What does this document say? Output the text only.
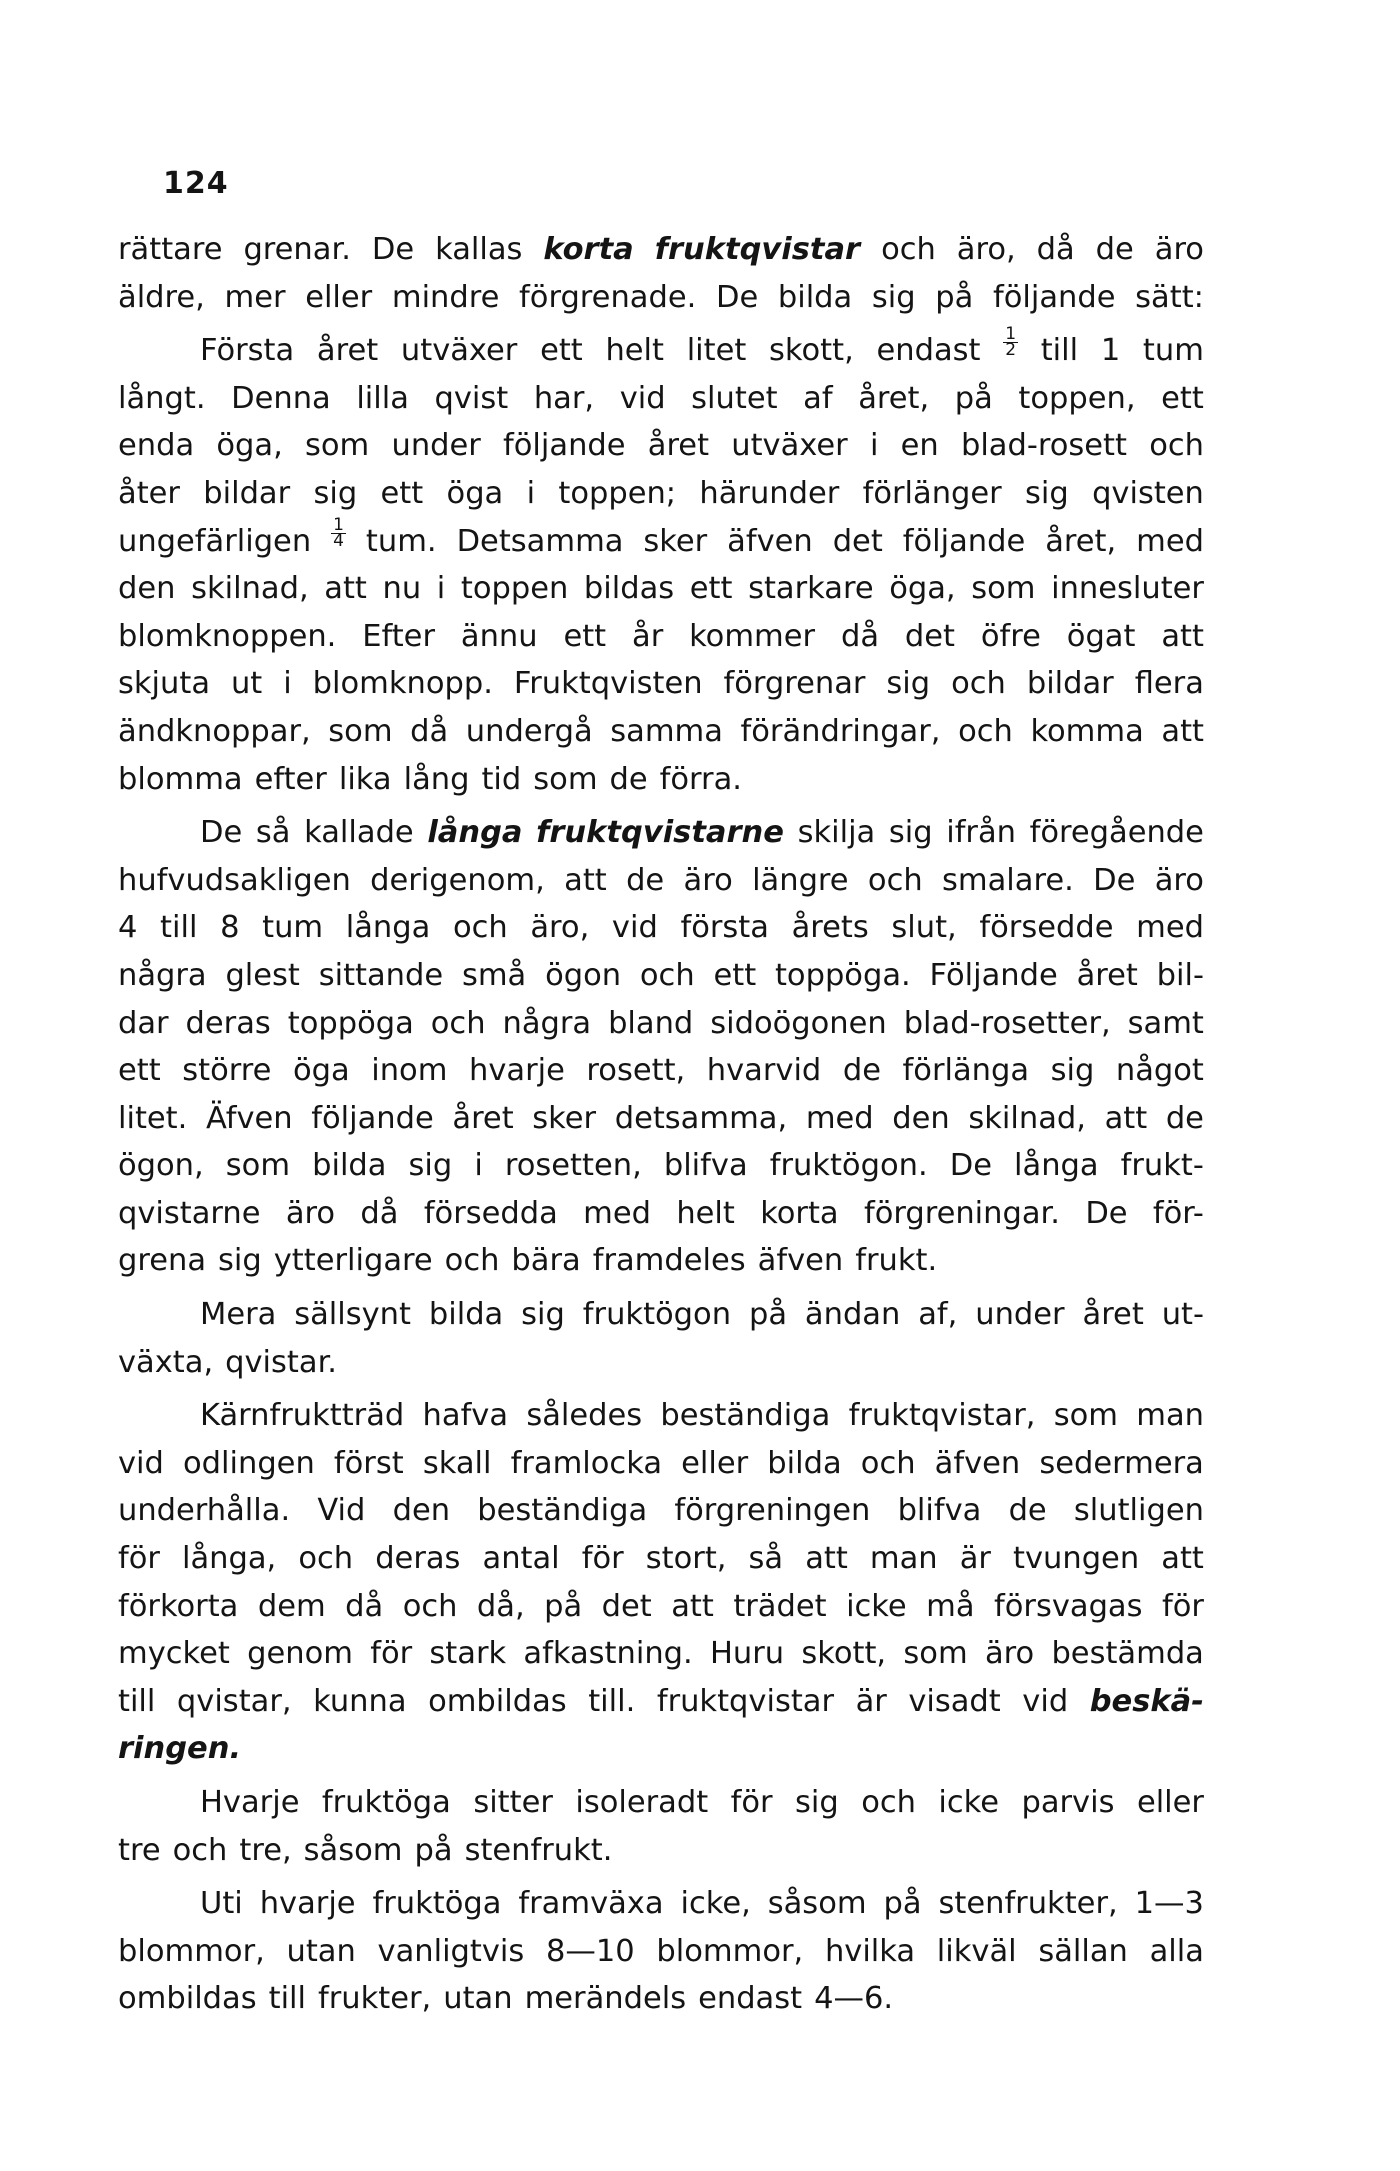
124
rättare grenar. De kallas korta fruktqvistar och äro, då de äro
äldre, mer eller mindre förgrenade. De bilda sig på följande sätt:
Första året utväxer ett helt litet skott, endast $\frac{1}{2}$ till 1 tum
långt. Denna lilla qvist har, vid slutet af året, på toppen, ett
enda öga, som under följande året utväxer i en blad-rosett och
åter bildar sig ett öga i toppen; härunder förlänger sig qvisten
ungefärligen $\frac{1}{4}$ tum. Detsamma sker äfven det följande året, med
den skilnad, att nu i toppen bildas ett starkare öga, som innesluter
blomknoppen. Efter ännu ett år kommer då det öfre ögat att
skjuta ut i blomknopp. Fruktqvisten förgrenar sig och bildar flera
ändknoppar, som då undergå samma förändringar, och komma att
blomma efter lika lång tid som de förra.
De så kallade långa fruktqvistarne skilja sig ifrån föregående
hufvudsakligen derigenom, att de äro längre och smalare. De äro
4 till 8 tum långa och äro, vid första årets slut, försedde med
några glest sittande små ögon och ett toppöga. Följande året bil-
dar deras toppöga och några bland sidoögonen blad-rosetter, samt
ett större öga inom hvarje rosett, hvarvid de förlänga sig något
litet. Äfven följande året sker detsamma, med den skilnad, att de
ögon, som bilda sig i rosetten, blifva fruktögon. De långa frukt-
qvistarne äro då försedda med helt korta förgreningar. De för-
grena sig ytterligare och bära framdeles äfven frukt.
Mera sällsynt bilda sig fruktögon på ändan af, under året ut-
växta, qvistar.
Kärnfruktträd hafva således beständiga fruktqvistar, som man
vid odlingen först skall framlocka eller bilda och äfven sedermera
underhålla. Vid den beständiga förgreningen blifva de slutligen
för långa, och deras antal för stort, så att man är tvungen att
förkorta dem då och då, på det att trädet icke må försvagas för
mycket genom för stark afkastning. Huru skott, som äro bestämda
till qvistar, kunna ombildas till. fruktqvistar är visadt vid beskä-
ringen.
Hvarje fruktöga sitter isoleradt för sig och icke parvis eller
tre och tre, såsom på stenfrukt.
Uti hvarje fruktöga framväxa icke, såsom på stenfrukter, 1—3
blommor, utan vanligtvis 8—10 blommor, hvilka likväl sällan alla
ombildas till frukter, utan merändels endast 4—6.
